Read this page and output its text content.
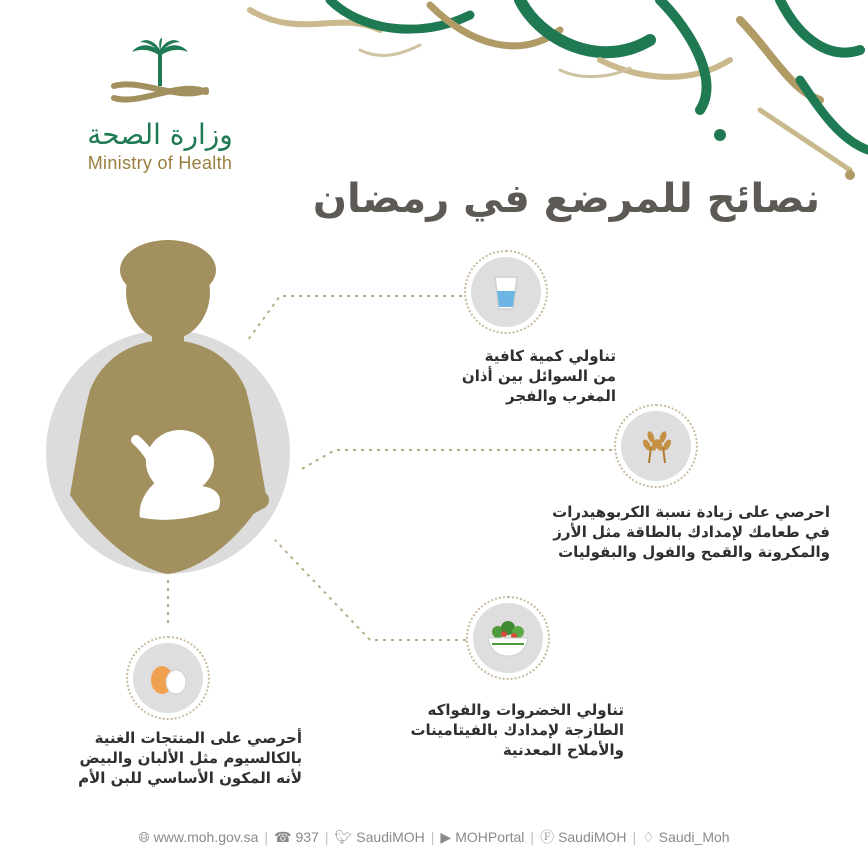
وزارة الصحة
Ministry of Health
نصائح للمرضع في رمضان
تناولي كمية كافية
من السوائل بين أذان
المغرب والفجر
احرصي على زيادة نسبة الكربوهيدرات
في طعامك لإمدادك بالطاقة مثل الأرز
والمكرونة والقمح والفول والبقوليات
تناولي الخضروات والفواكه
الطازجة لإمدادك بالفيتامينات
والأملاح المعدنية
أحرصي على المنتجات الغنية
بالكالسيوم مثل الألبان والبيض
لأنه المكون الأساسي للبن الأم
🌐︎ www.moh.gov.sa | ☎ 937 | 🐦︎ SaudiMOH | ▶ MOHPortal | Ⓕ SaudiMOH | ♢ Saudi_Moh
